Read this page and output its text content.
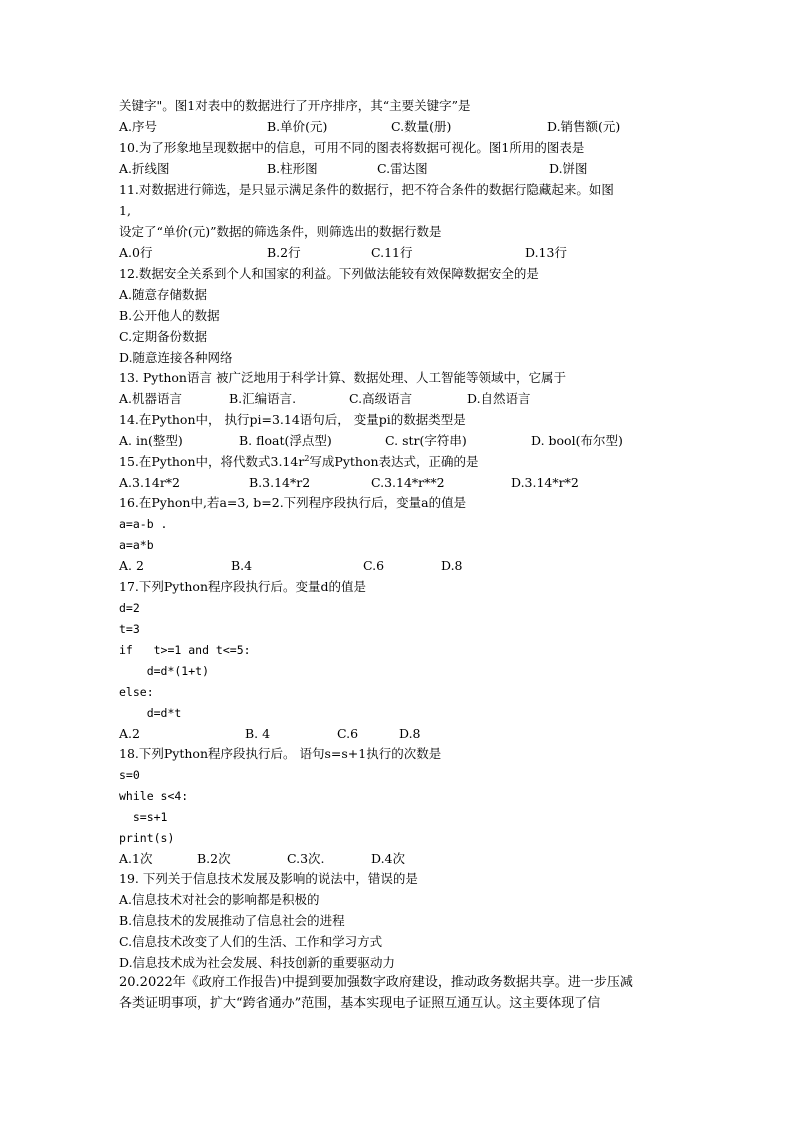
关键字"。图1对表中的数据进行了开序排序，其“主要关键字”是
A.序号	B.单价(元)	C.数量(册)	D.销售额(元)
10.为了形象地呈现数据中的信息，可用不同的图表将数据可视化。图1所用的图表是
A.折线图	B.柱形图	C.雷达图	D.饼图
11.对数据进行筛选，是只显示满足条件的数据行，把不符合条件的数据行隐藏起来。如图
1,
设定了“单价(元)”数据的筛选条件，则筛选出的数据行数是
A.0行	B.2行	C.11行	D.13行
12.数据安全关系到个人和国家的利益。下列做法能较有效保障数据安全的是
A.随意存储数据
B.公开他人的数据
C.定期备份数据
D.随意连接各种网络
13. Python语言 被广泛地用于科学计算、数据处理、人工智能等领域中，它属于
A.机器语言	B.汇编语言.	C.高级语言	D.自然语言
14.在Python中， 执行pi=3.14语句后， 变量pi的数据类型是
A. in(整型)	B. float(浮点型)	C. str(字符串)	D. bool(布尔型)
15.在Python中，将代数式$3.14r^2$写成Python表达式，正确的是
A.3.14r*2	B.3.14*r2	C.3.14*r**2	D.3.14*r*2
16.在Pyhon中,若a=3, b=2.下列程序段执行后，变量a的值是
a=a-b .
a=a*b
A. 2	B.4	C.6	D.8
17.下列Python程序段执行后。变量d的值是
d=2
t=3
if   t>=1 and t<=5:
d=d*(1+t)
else:
d=d*t
A.2	B. 4	C.6	D.8
18.下列Python程序段执行后。 语句s=s+1执行的次数是
s=0
while s<4:
s=s+1
print(s)
A.1次	B.2次	C.3次.	D.4次
19. 下列关于信息技术发展及影响的说法中，错误的是
A.信息技术对社会的影响都是积极的
B.信息技术的发展推动了信息社会的进程
C.信息技术改变了人们的生活、工作和学习方式
D.信息技术成为社会发展、科技创新的重要驱动力
20.2022年《政府工作报告)中提到要加强数字政府建设，推动政务数据共享。进一步压减
各类证明事项，扩大“跨省通办”范围，基本实现电子证照互通互认。这主要体现了信
